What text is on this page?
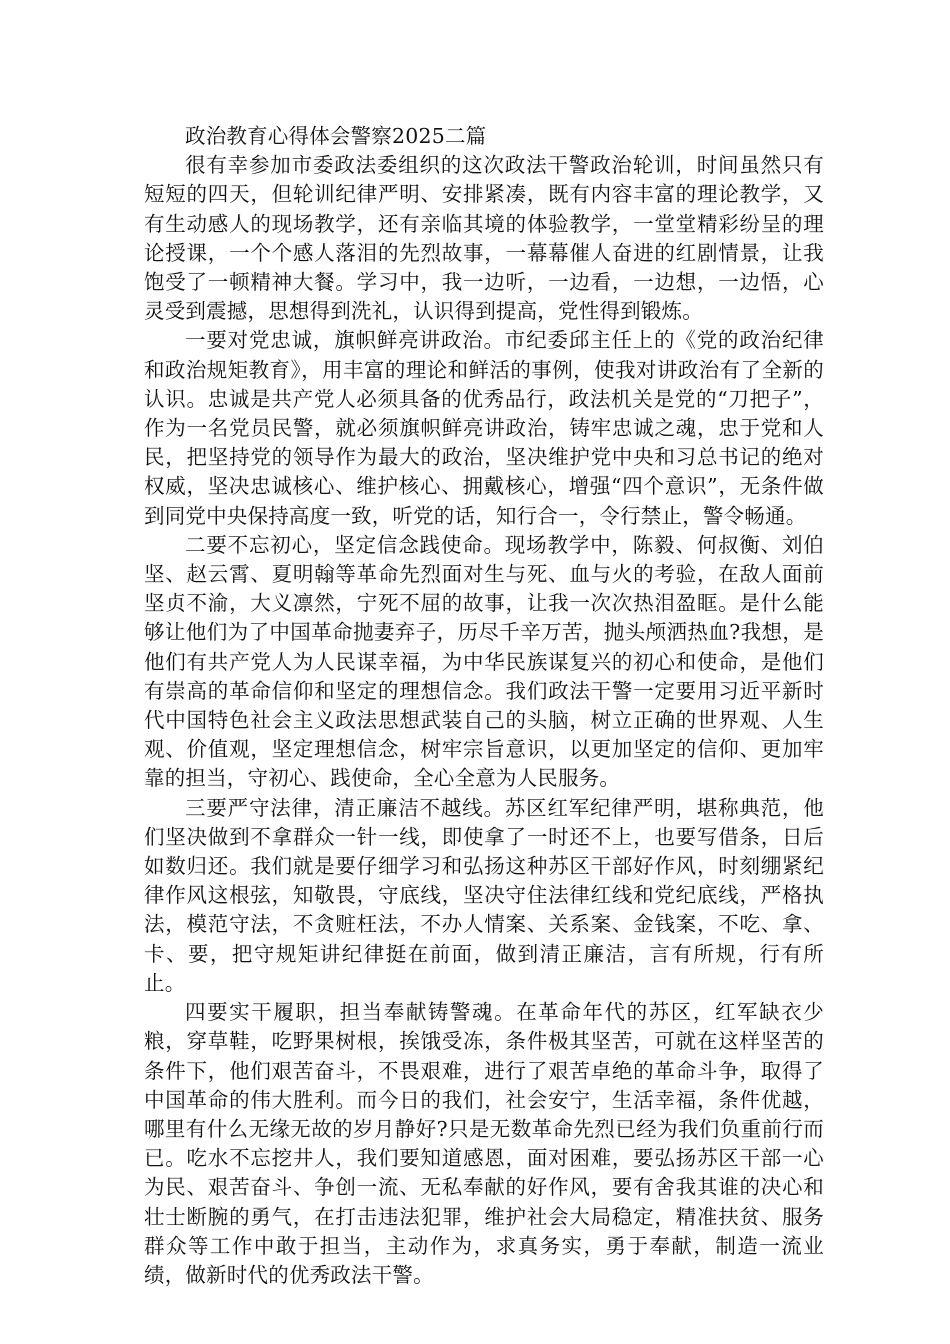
政治教育心得体会警察2025二篇

很有幸参加市委政法委组织的这次政法干警政治轮训，时间虽然只有短短的四天，但轮训纪律严明、安排紧凑，既有内容丰富的理论教学，又有生动感人的现场教学，还有亲临其境的体验教学，一堂堂精彩纷呈的理论授课，一个个感人落泪的先烈故事，一幕幕催人奋进的红剧情景，让我饱受了一顿精神大餐。学习中，我一边听，一边看，一边想，一边悟，心灵受到震撼，思想得到洗礼，认识得到提高，党性得到锻炼。

一要对党忠诚，旗帜鲜亮讲政治。市纪委邱主任上的《党的政治纪律和政治规矩教育》，用丰富的理论和鲜活的事例，使我对讲政治有了全新的认识。忠诚是共产党人必须具备的优秀品行，政法机关是党的“刀把子”，作为一名党员民警，就必须旗帜鲜亮讲政治，铸牢忠诚之魂，忠于党和人民，把坚持党的领导作为最大的政治，坚决维护党中央和习总书记的绝对权威，坚决忠诚核心、维护核心、拥戴核心，增强“四个意识”，无条件做到同党中央保持高度一致，听党的话，知行合一，令行禁止，警令畅通。

二要不忘初心，坚定信念践使命。现场教学中，陈毅、何叔衡、刘伯坚、赵云霄、夏明翰等革命先烈面对生与死、血与火的考验，在敌人面前坚贞不渝，大义凛然，宁死不屈的故事，让我一次次热泪盈眶。是什么能够让他们为了中国革命抛妻弃子，历尽千辛万苦，抛头颅洒热血?我想，是他们有共产党人为人民谋幸福，为中华民族谋复兴的初心和使命，是他们有崇高的革命信仰和坚定的理想信念。我们政法干警一定要用习近平新时代中国特色社会主义政法思想武装自己的头脑，树立正确的世界观、人生观、价值观，坚定理想信念，树牢宗旨意识，以更加坚定的信仰、更加牢靠的担当，守初心、践使命，全心全意为人民服务。

三要严守法律，清正廉洁不越线。苏区红军纪律严明，堪称典范，他们坚决做到不拿群众一针一线，即使拿了一时还不上，也要写借条，日后如数归还。我们就是要仔细学习和弘扬这种苏区干部好作风，时刻绷紧纪律作风这根弦，知敬畏，守底线，坚决守住法律红线和党纪底线，严格执法，模范守法，不贪赃枉法，不办人情案、关系案、金钱案，不吃、拿、卡、要，把守规矩讲纪律挺在前面，做到清正廉洁，言有所规，行有所止。

四要实干履职，担当奉献铸警魂。在革命年代的苏区，红军缺衣少粮，穿草鞋，吃野果树根，挨饿受冻，条件极其坚苦，可就在这样坚苦的条件下，他们艰苦奋斗，不畏艰难，进行了艰苦卓绝的革命斗争，取得了中国革命的伟大胜利。而今日的我们，社会安宁，生活幸福，条件优越，哪里有什么无缘无故的岁月静好?只是无数革命先烈已经为我们负重前行而已。吃水不忘挖井人，我们要知道感恩，面对困难，要弘扬苏区干部一心为民、艰苦奋斗、争创一流、无私奉献的好作风，要有舍我其谁的决心和壮士断腕的勇气，在打击违法犯罪，维护社会大局稳定，精准扶贫、服务群众等工作中敢于担当，主动作为，求真务实，勇于奉献，制造一流业绩，做新时代的优秀政法干警。
